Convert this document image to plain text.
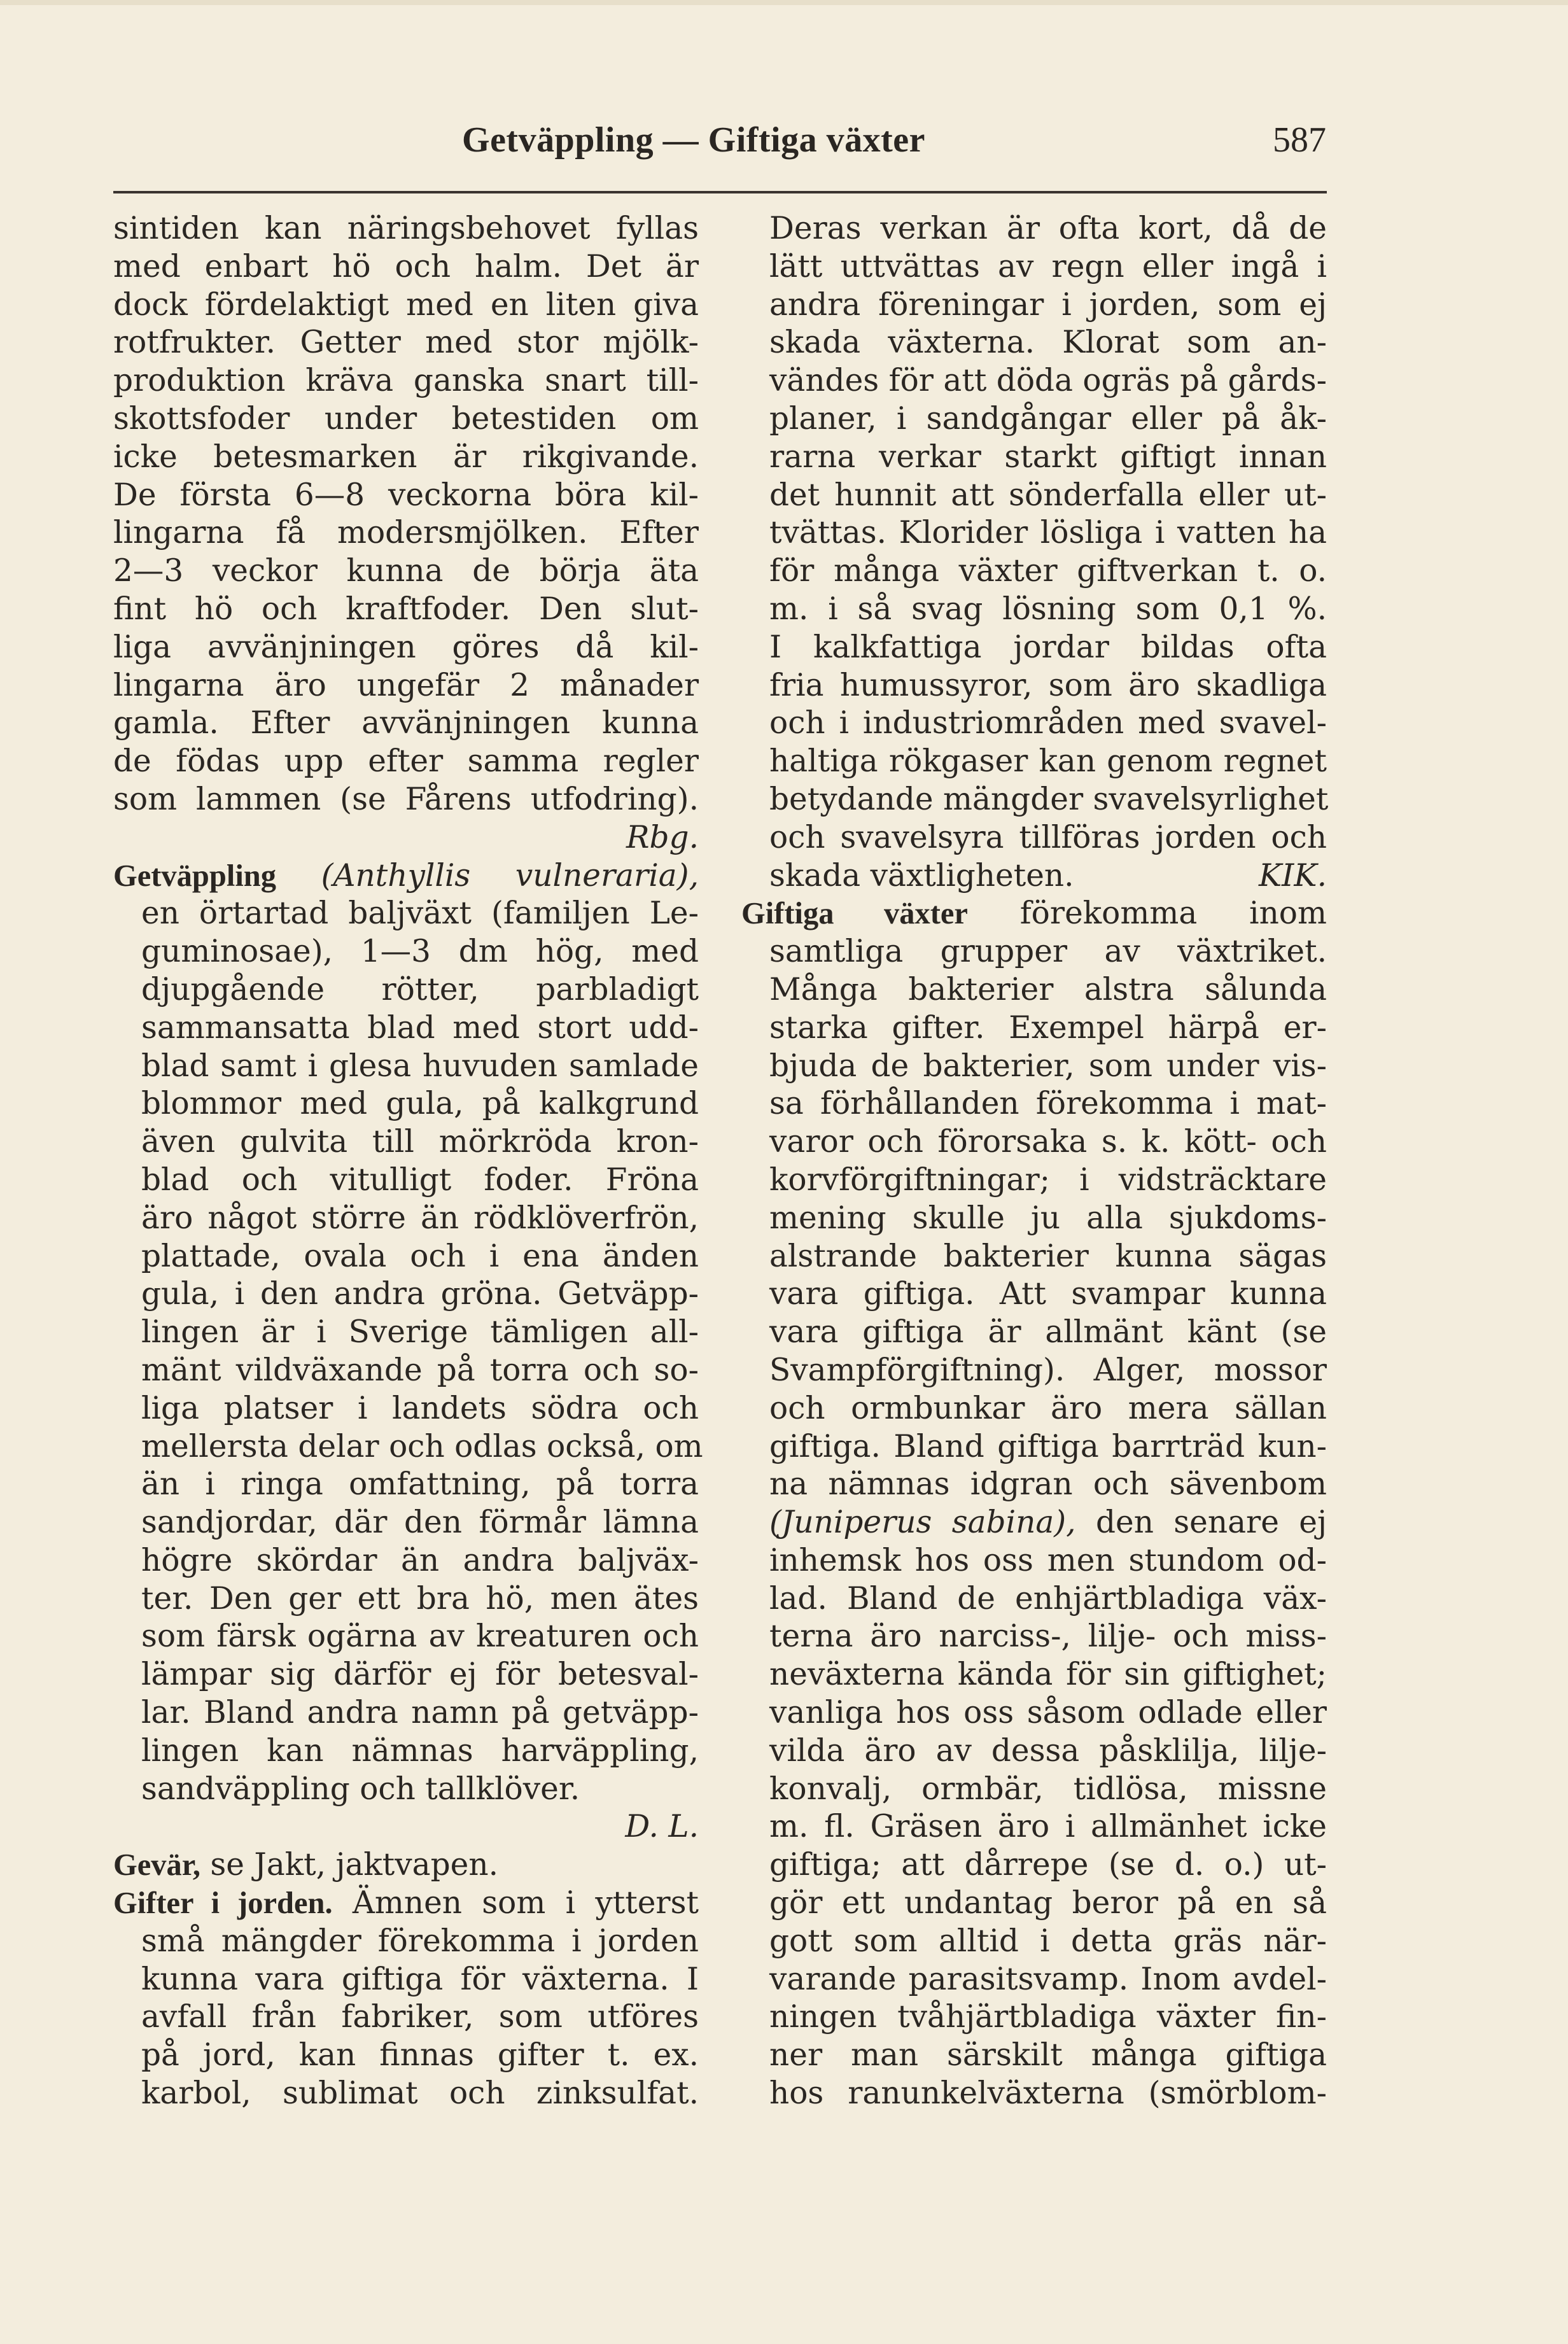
Getväppling — Giftiga växter	587
sintiden kan näringsbehovet fyllas
med enbart hö och halm. Det är
dock fördelaktigt med en liten giva
rotfrukter. Getter med stor mjölk-
produktion kräva ganska snart till-
skottsfoder under betestiden om
icke betesmarken är rikgivande.
De första 6—8 veckorna böra kil-
lingarna få modersmjölken. Efter
2—3 veckor kunna de börja äta
fint hö och kraftfoder. Den slut-
liga avvänjningen göres då kil-
lingarna äro ungefär 2 månader
gamla. Efter avvänjningen kunna
de födas upp efter samma regler
som lammen (se Fårens utfodring).
Rbg.
Getväppling (Anthyllis vulneraria),
en örtartad baljväxt (familjen Le-
guminosae), 1—3 dm hög, med
djupgående rötter, parbladigt
sammansatta blad med stort udd-
blad samt i glesa huvuden samlade
blommor med gula, på kalkgrund
även gulvita till mörkröda kron-
blad och vitulligt foder. Fröna
äro något större än rödklöverfrön,
plattade, ovala och i ena änden
gula, i den andra gröna. Getväpp-
lingen är i Sverige tämligen all-
mänt vildväxande på torra och so-
liga platser i landets södra och
mellersta delar och odlas också, om
än i ringa omfattning, på torra
sandjordar, där den förmår lämna
högre skördar än andra baljväx-
ter. Den ger ett bra hö, men ätes
som färsk ogärna av kreaturen och
lämpar sig därför ej för betesval-
lar. Bland andra namn på getväpp-
lingen kan nämnas harväppling,
sandväppling och tallklöver.
D. L.
Gevär, se Jakt, jaktvapen.
Gifter i jorden. Ämnen som i ytterst
små mängder förekomma i jorden
kunna vara giftiga för växterna. I
avfall från fabriker, som utföres
på jord, kan finnas gifter t. ex.
karbol, sublimat och zinksulfat.
Deras verkan är ofta kort, då de
lätt uttvättas av regn eller ingå i
andra föreningar i jorden, som ej
skada växterna. Klorat som an-
vändes för att döda ogräs på gårds-
planer, i sandgångar eller på åk-
rarna verkar starkt giftigt innan
det hunnit att sönderfalla eller ut-
tvättas. Klorider lösliga i vatten ha
för många växter giftverkan t. o.
m. i så svag lösning som 0,1 %.
I kalkfattiga jordar bildas ofta
fria humussyror, som äro skadliga
och i industriområden med svavel-
haltiga rökgaser kan genom regnet
betydande mängder svavelsyrlighet
och svavelsyra tillföras jorden och
skada växtligheten.	KIK.
Giftiga växter förekomma inom
samtliga grupper av växtriket.
Många bakterier alstra sålunda
starka gifter. Exempel härpå er-
bjuda de bakterier, som under vis-
sa förhållanden förekomma i mat-
varor och förorsaka s. k. kött- och
korvförgiftningar; i vidsträcktare
mening skulle ju alla sjukdoms-
alstrande bakterier kunna sägas
vara giftiga. Att svampar kunna
vara giftiga är allmänt känt (se
Svampförgiftning). Alger, mossor
och ormbunkar äro mera sällan
giftiga. Bland giftiga barrträd kun-
na nämnas idgran och sävenbom
(Juniperus sabina), den senare ej
inhemsk hos oss men stundom od-
lad. Bland de enhjärtbladiga väx-
terna äro narciss-, lilje- och miss-
neväxterna kända för sin giftighet;
vanliga hos oss såsom odlade eller
vilda äro av dessa påsklilja, lilje-
konvalj, ormbär, tidlösa, missne
m. fl. Gräsen äro i allmänhet icke
giftiga; att dårrepe (se d. o.) ut-
gör ett undantag beror på en så
gott som alltid i detta gräs när-
varande parasitsvamp. Inom avdel-
ningen tvåhjärtbladiga växter fin-
ner man särskilt många giftiga
hos ranunkelväxterna (smörblom-
